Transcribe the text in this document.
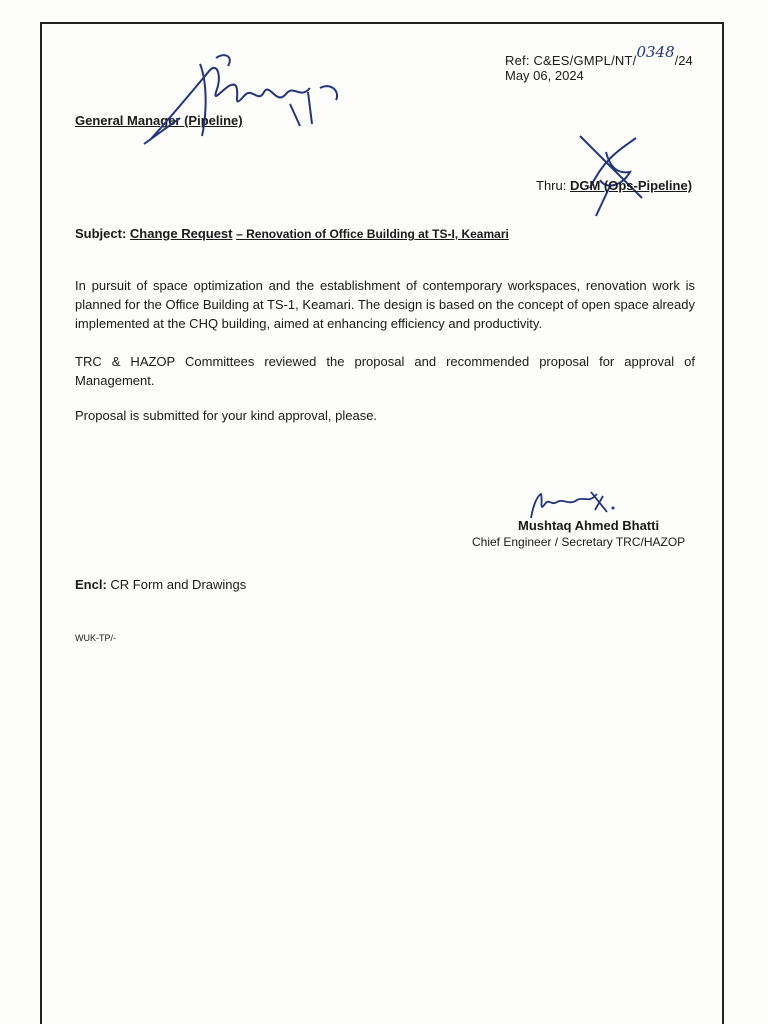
Ref: C&ES/GMPL/NT/0348/24
May 06, 2024
General Manager (Pipeline)
Thru: DGM (Ops-Pipeline)
Subject: Change Request – Renovation of Office Building at TS-I, Keamari
In pursuit of space optimization and the establishment of contemporary workspaces, renovation work is planned for the Office Building at TS-1, Keamari. The design is based on the concept of open space already implemented at the CHQ building, aimed at enhancing efficiency and productivity.
TRC & HAZOP Committees reviewed the proposal and recommended proposal for approval of Management.
Proposal is submitted for your kind approval, please.
Mushtaq Ahmed Bhatti
Chief Engineer / Secretary TRC/HAZOP
Encl: CR Form and Drawings
WUK-TP/-
